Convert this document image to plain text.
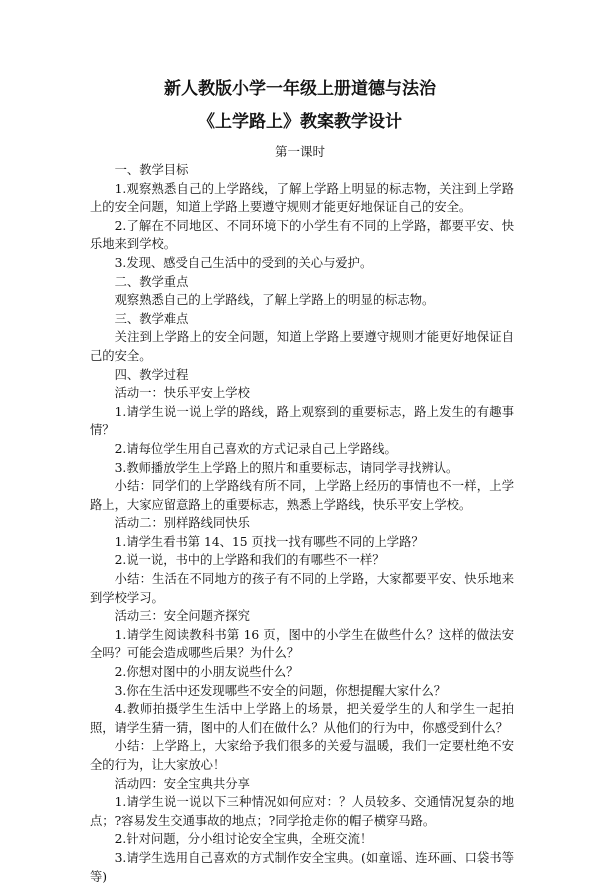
新人教版小学一年级上册道德与法治
《上学路上》教案教学设计
第一课时

一、教学目标

1.观察熟悉自己的上学路线，了解上学路上明显的标志物，关注到上学路上的安全问题，知道上学路上要遵守规则才能更好地保证自己的安全。

2.了解在不同地区、不同环境下的小学生有不同的上学路，都要平安、快乐地来到学校。

3.发现、感受自己生活中的受到的关心与爱护。

二、教学重点

观察熟悉自己的上学路线，了解上学路上的明显的标志物。

三、教学难点

关注到上学路上的安全问题，知道上学路上要遵守规则才能更好地保证自己的安全。

四、教学过程

活动一：快乐平安上学校

1.请学生说一说上学的路线，路上观察到的重要标志，路上发生的有趣事情？

2.请每位学生用自己喜欢的方式记录自己上学路线。

3.教师播放学生上学路上的照片和重要标志，请同学寻找辨认。

小结：同学们的上学路线有所不同，上学路上经历的事情也不一样，上学路上，大家应留意路上的重要标志，熟悉上学路线，快乐平安上学校。

活动二：别样路线同快乐

1.请学生看书第 14、15 页找一找有哪些不同的上学路？

2.说一说，书中的上学路和我们的有哪些不一样？

小结：生活在不同地方的孩子有不同的上学路，大家都要平安、快乐地来到学校学习。

活动三：安全问题齐探究

1.请学生阅读教科书第 16 页，图中的小学生在做些什么？这样的做法安全吗？可能会造成哪些后果？为什么？

2.你想对图中的小朋友说些什么？

3.你在生活中还发现哪些不安全的问题，你想提醒大家什么？

4.教师拍摄学生生活中上学路上的场景，把关爱学生的人和学生一起拍照，请学生猜一猜，图中的人们在做什么？从他们的行为中，你感受到什么？

小结：上学路上，大家给予我们很多的关爱与温暖，我们一定要杜绝不安全的行为，让大家放心！

活动四：安全宝典共分享

1.请学生说一说以下三种情况如何应对：？人员较多、交通情况复杂的地点；?容易发生交通事故的地点；?同学抢走你的帽子横穿马路。

2.针对问题，分小组讨论安全宝典，全班交流！

3.请学生选用自己喜欢的方式制作安全宝典。(如童谣、连环画、口袋书等等)
